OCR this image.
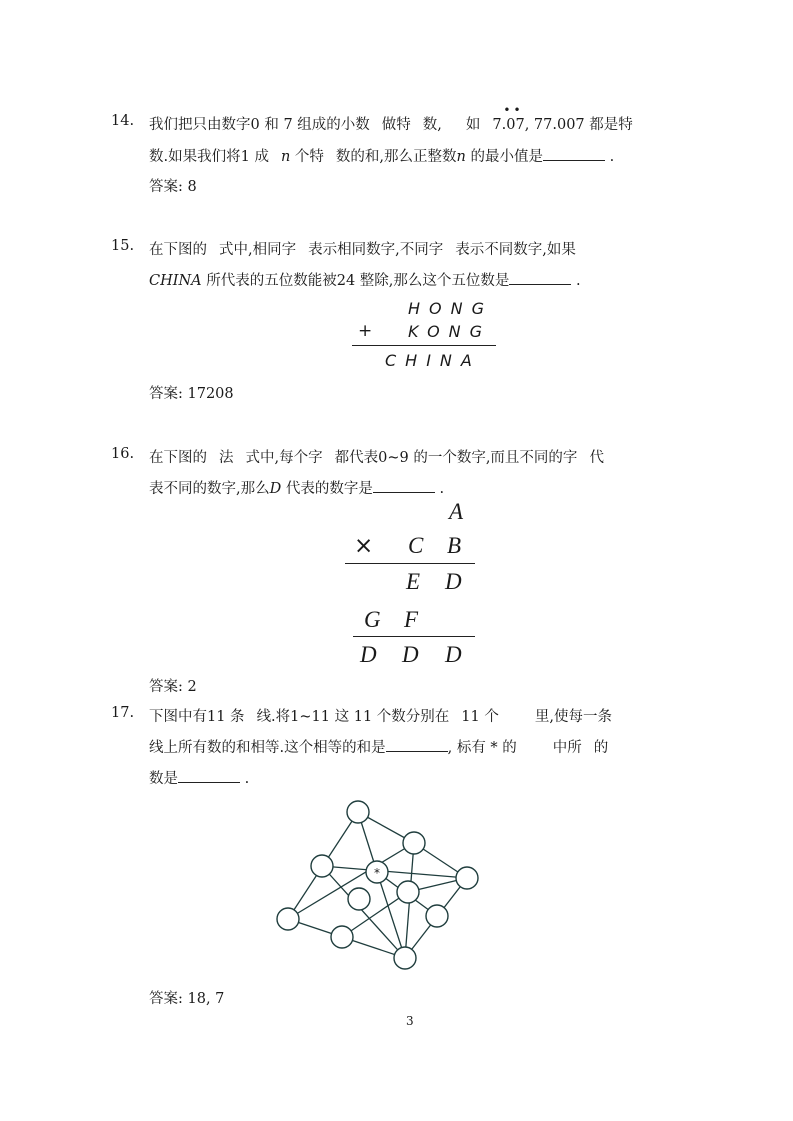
14. 我们把只由数字0 和 7 组成的小数 做特 数, 如
••
7.07, 77.007 都是特
数.如果我们将1 成 n 个特 数的和,那么正整数n 的最小值是	.
答案: 8
15. 在下图的 式中,相同字 表示相同数字,不同字 表示不同数字,如果
CHINA 所代表的五位数能被24 整除,那么这个五位数是	.
HONG
+ KONG
CHINA
答案: 17208
16. 在下图的 法 式中,每个字 都代表0~9 的一个数字,而且不同的字 代
表不同的数字,那么D 代表的数字是	.
A
× C B
E D
G F
D D D
答案: 2
17. 下图中有11 条 线.将1~11 这 11 个数分别在 11 个 里,使每一条
线上所有数的和相等.这个相等的和是	, 标有 * 的 中所 的
数是	.
*
答案: 18, 7
3
